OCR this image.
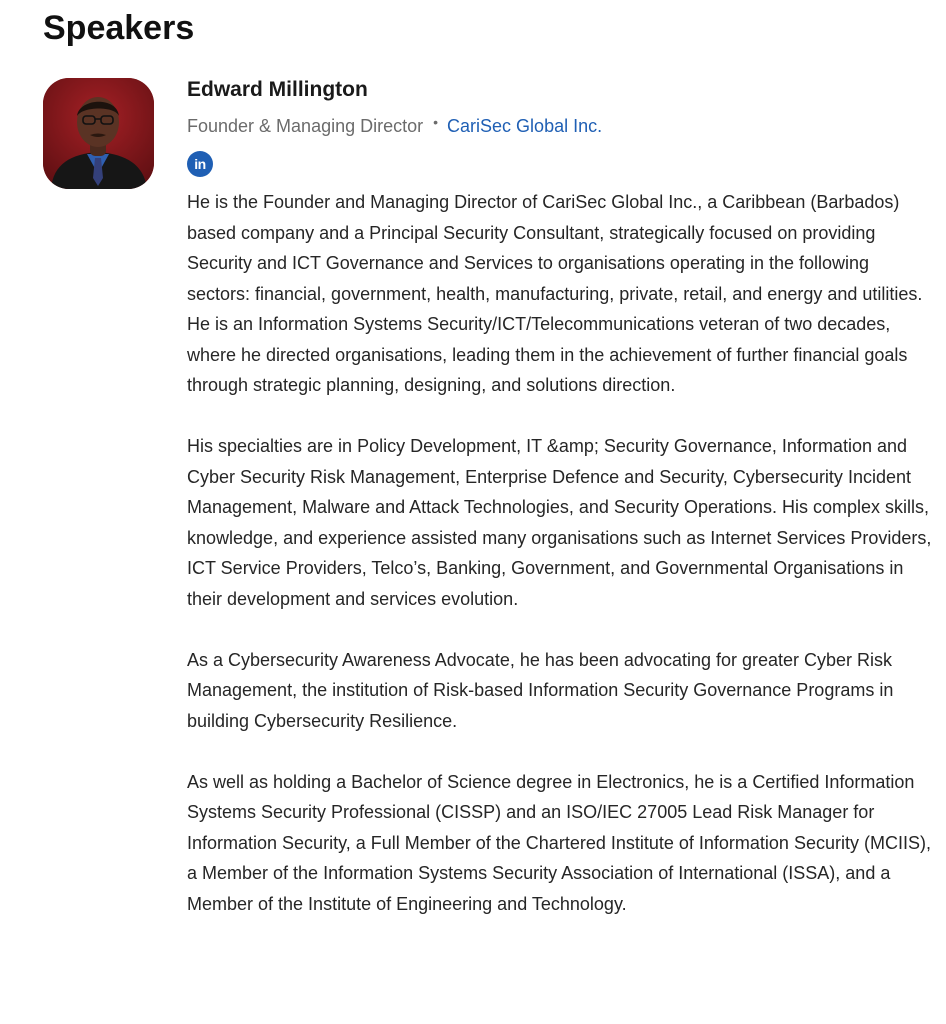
Speakers
Edward Millington
Founder & Managing Director • CariSec Global Inc.
in

He is the Founder and Managing Director of CariSec Global Inc., a Caribbean (Barbados) based company and a Principal Security Consultant, strategically focused on providing Security and ICT Governance and Services to organisations operating in the following sectors: financial, government, health, manufacturing, private, retail, and energy and utilities. He is an Information Systems Security/ICT/Telecommunications veteran of two decades, where he directed organisations, leading them in the achievement of further financial goals through strategic planning, designing, and solutions direction.

His specialties are in Policy Development, IT &amp; Security Governance, Information and Cyber Security Risk Management, Enterprise Defence and Security, Cybersecurity Incident Management, Malware and Attack Technologies, and Security Operations. His complex skills, knowledge, and experience assisted many organisations such as Internet Services Providers, ICT Service Providers, Telco’s, Banking, Government, and Governmental Organisations in their development and services evolution.

As a Cybersecurity Awareness Advocate, he has been advocating for greater Cyber Risk Management, the institution of Risk-based Information Security Governance Programs in building Cybersecurity Resilience.

As well as holding a Bachelor of Science degree in Electronics, he is a Certified Information Systems Security Professional (CISSP) and an ISO/IEC 27005 Lead Risk Manager for Information Security, a Full Member of the Chartered Institute of Information Security (MCIIS), a Member of the Information Systems Security Association of International (ISSA), and a Member of the Institute of Engineering and Technology.
